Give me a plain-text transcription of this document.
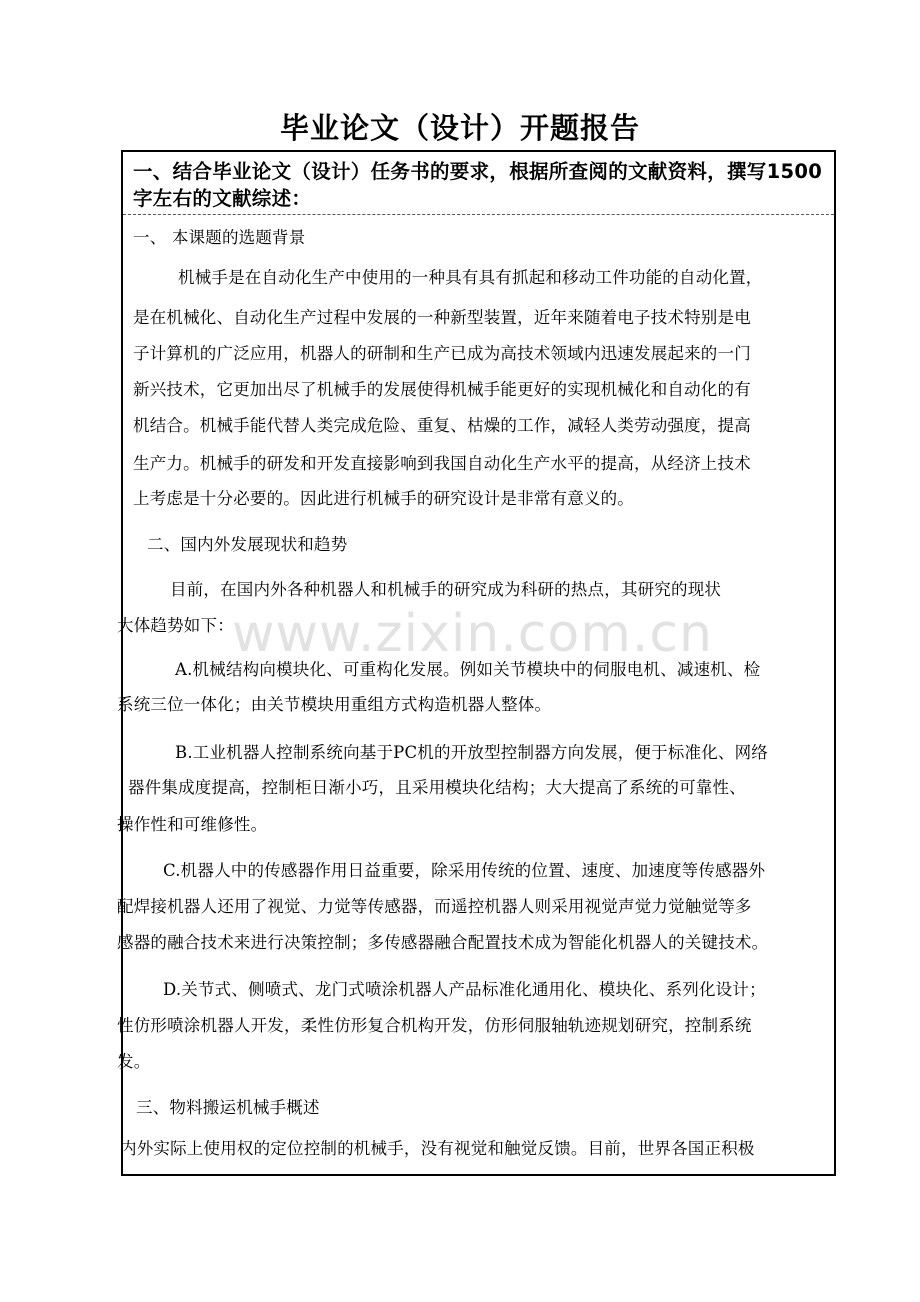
毕业论文（设计）开题报告
一、结合毕业论文（设计）任务书的要求，根据所查阅的文献资料，撰写1500字左右的文献综述：
一、 本课题的选题背景
机械手是在自动化生产中使用的一种具有具有抓起和移动工件功能的自动化置，
是在机械化、自动化生产过程中发展的一种新型装置，近年来随着电子技术特别是电
子计算机的广泛应用，机器人的研制和生产已成为高技术领域内迅速发展起来的一门
新兴技术，它更加出尽了机械手的发展使得机械手能更好的实现机械化和自动化的有
机结合。机械手能代替人类完成危险、重复、枯燥的工作，减轻人类劳动强度，提高
生产力。机械手的研发和开发直接影响到我国自动化生产水平的提高，从经济上技术
上考虑是十分必要的。因此进行机械手的研究设计是非常有意义的。
二、国内外发展现状和趋势
目前，在国内外各种机器人和机械手的研究成为科研的热点，其研究的现状
大体趋势如下：
A.机械结构向模块化、可重构化发展。例如关节模块中的伺服电机、减速机、检
系统三位一体化；由关节模块用重组方式构造机器人整体。
B.工业机器人控制系统向基于PC机的开放型控制器方向发展，便于标准化、网络
器件集成度提高，控制柜日渐小巧，且采用模块化结构；大大提高了系统的可靠性、
操作性和可维修性。
C.机器人中的传感器作用日益重要，除采用传统的位置、速度、加速度等传感器外
配焊接机器人还用了视觉、力觉等传感器，而遥控机器人则采用视觉声觉力觉触觉等多
感器的融合技术来进行决策控制；多传感器融合配置技术成为智能化机器人的关键技术。
D.关节式、侧喷式、龙门式喷涂机器人产品标准化通用化、模块化、系列化设计；
性仿形喷涂机器人开发，柔性仿形复合机构开发，仿形伺服轴轨迹规划研究，控制系统
发。
三、物料搬运机械手概述
内外实际上使用权的定位控制的机械手，没有视觉和触觉反馈。目前，世界各国正积极
www.zixin.com.cn
